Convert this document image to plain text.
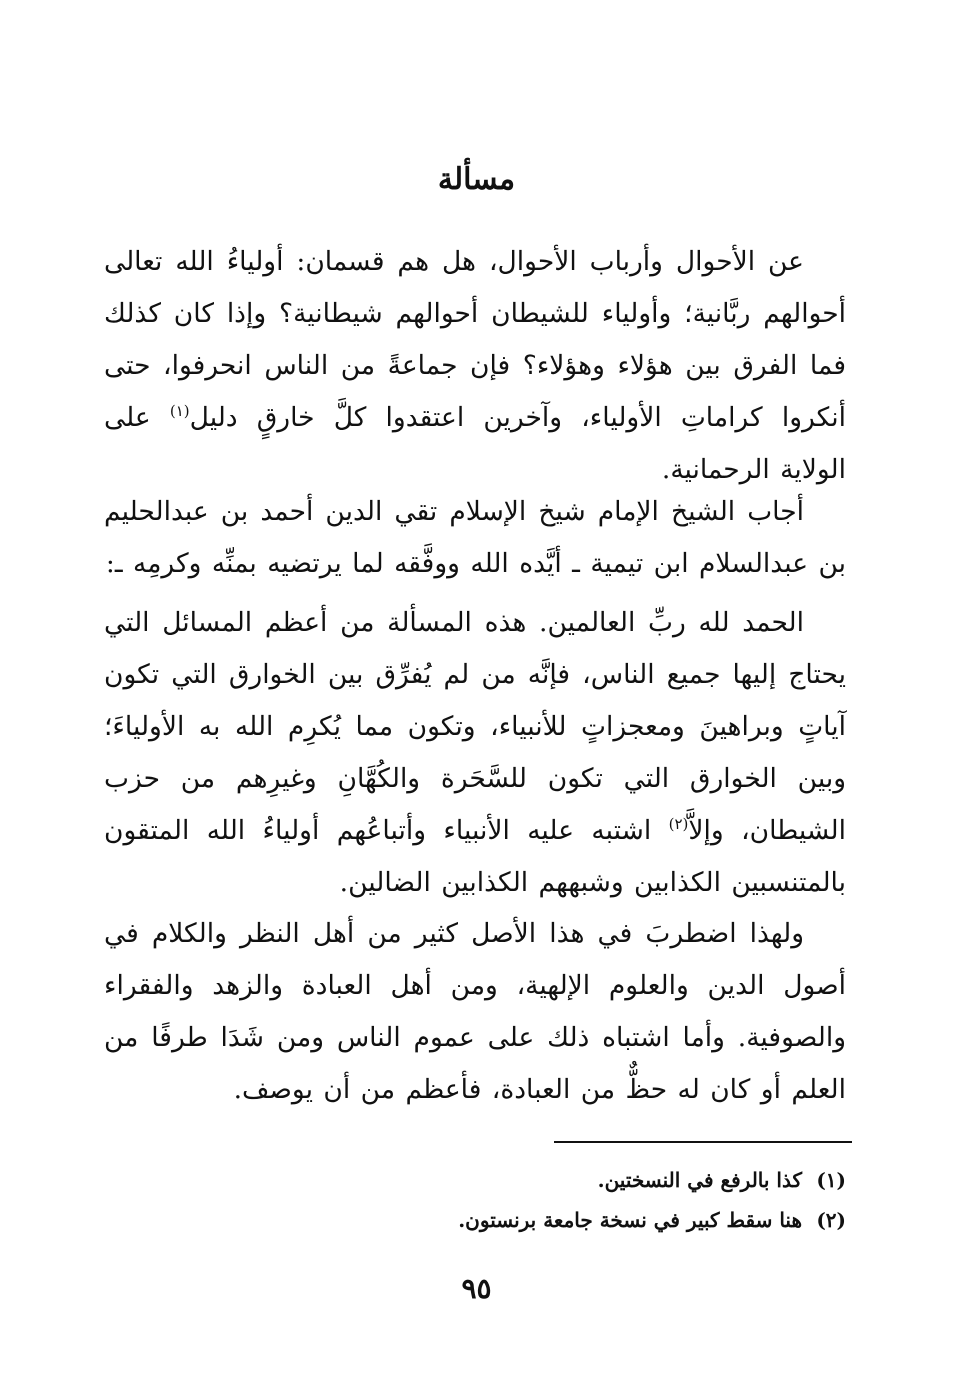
مسألة

عن الأحوال وأرباب الأحوال، هل هم قسمان: أولياءُ الله تعالى أحوالهم ربَّانية؛ وأولياء للشيطان أحوالهم شيطانية؟ وإذا كان كذلك فما الفرق بين هؤلاء وهؤلاء؟ فإن جماعةً من الناس انحرفوا، حتى أنكروا كراماتِ الأولياء، وآخرين اعتقدوا كلَّ خارقٍ دليل$^{(١)}$ على الولاية الرحمانية.

أجاب الشيخ الإمام شيخ الإسلام تقي الدين أحمد بن عبدالحليم بن عبدالسلام ابن تيمية ـ أيَّده الله ووفَّقه لما يرتضيه بمنِّه وكرمِه ـ:

الحمد لله ربِّ العالمين. هذه المسألة من أعظم المسائل التي يحتاج إليها جميع الناس، فإنَّه من لم يُفرِّق بين الخوارق التي تكون آياتٍ وبراهينَ ومعجزاتٍ للأنبياء، وتكون مما يُكرِم الله به الأولياءَ؛ وبين الخوارق التي تكون للسَّحَرة والكُهَّانِ وغيرِهم من حزب الشيطان، وإلاَّ$^{(٢)}$ اشتبه عليه الأنبياء وأتباعُهم أولياءُ الله المتقون بالمتنسبين الكذابين وشبههم الكذابين الضالين.

ولهذا اضطربَ في هذا الأصل كثير من أهل النظر والكلام في أصول الدين والعلوم الإلهية، ومن أهل العبادة والزهد والفقراء والصوفية. وأما اشتباه ذلك على عموم الناس ومن شَدَا طرفًا من العلم أو كان له حظٌّ من العبادة، فأعظم من أن يوصف.

(١)كذا بالرفع في النسختين.

(٢)هنا سقط كبير في نسخة جامعة برنستون.

٩٥
